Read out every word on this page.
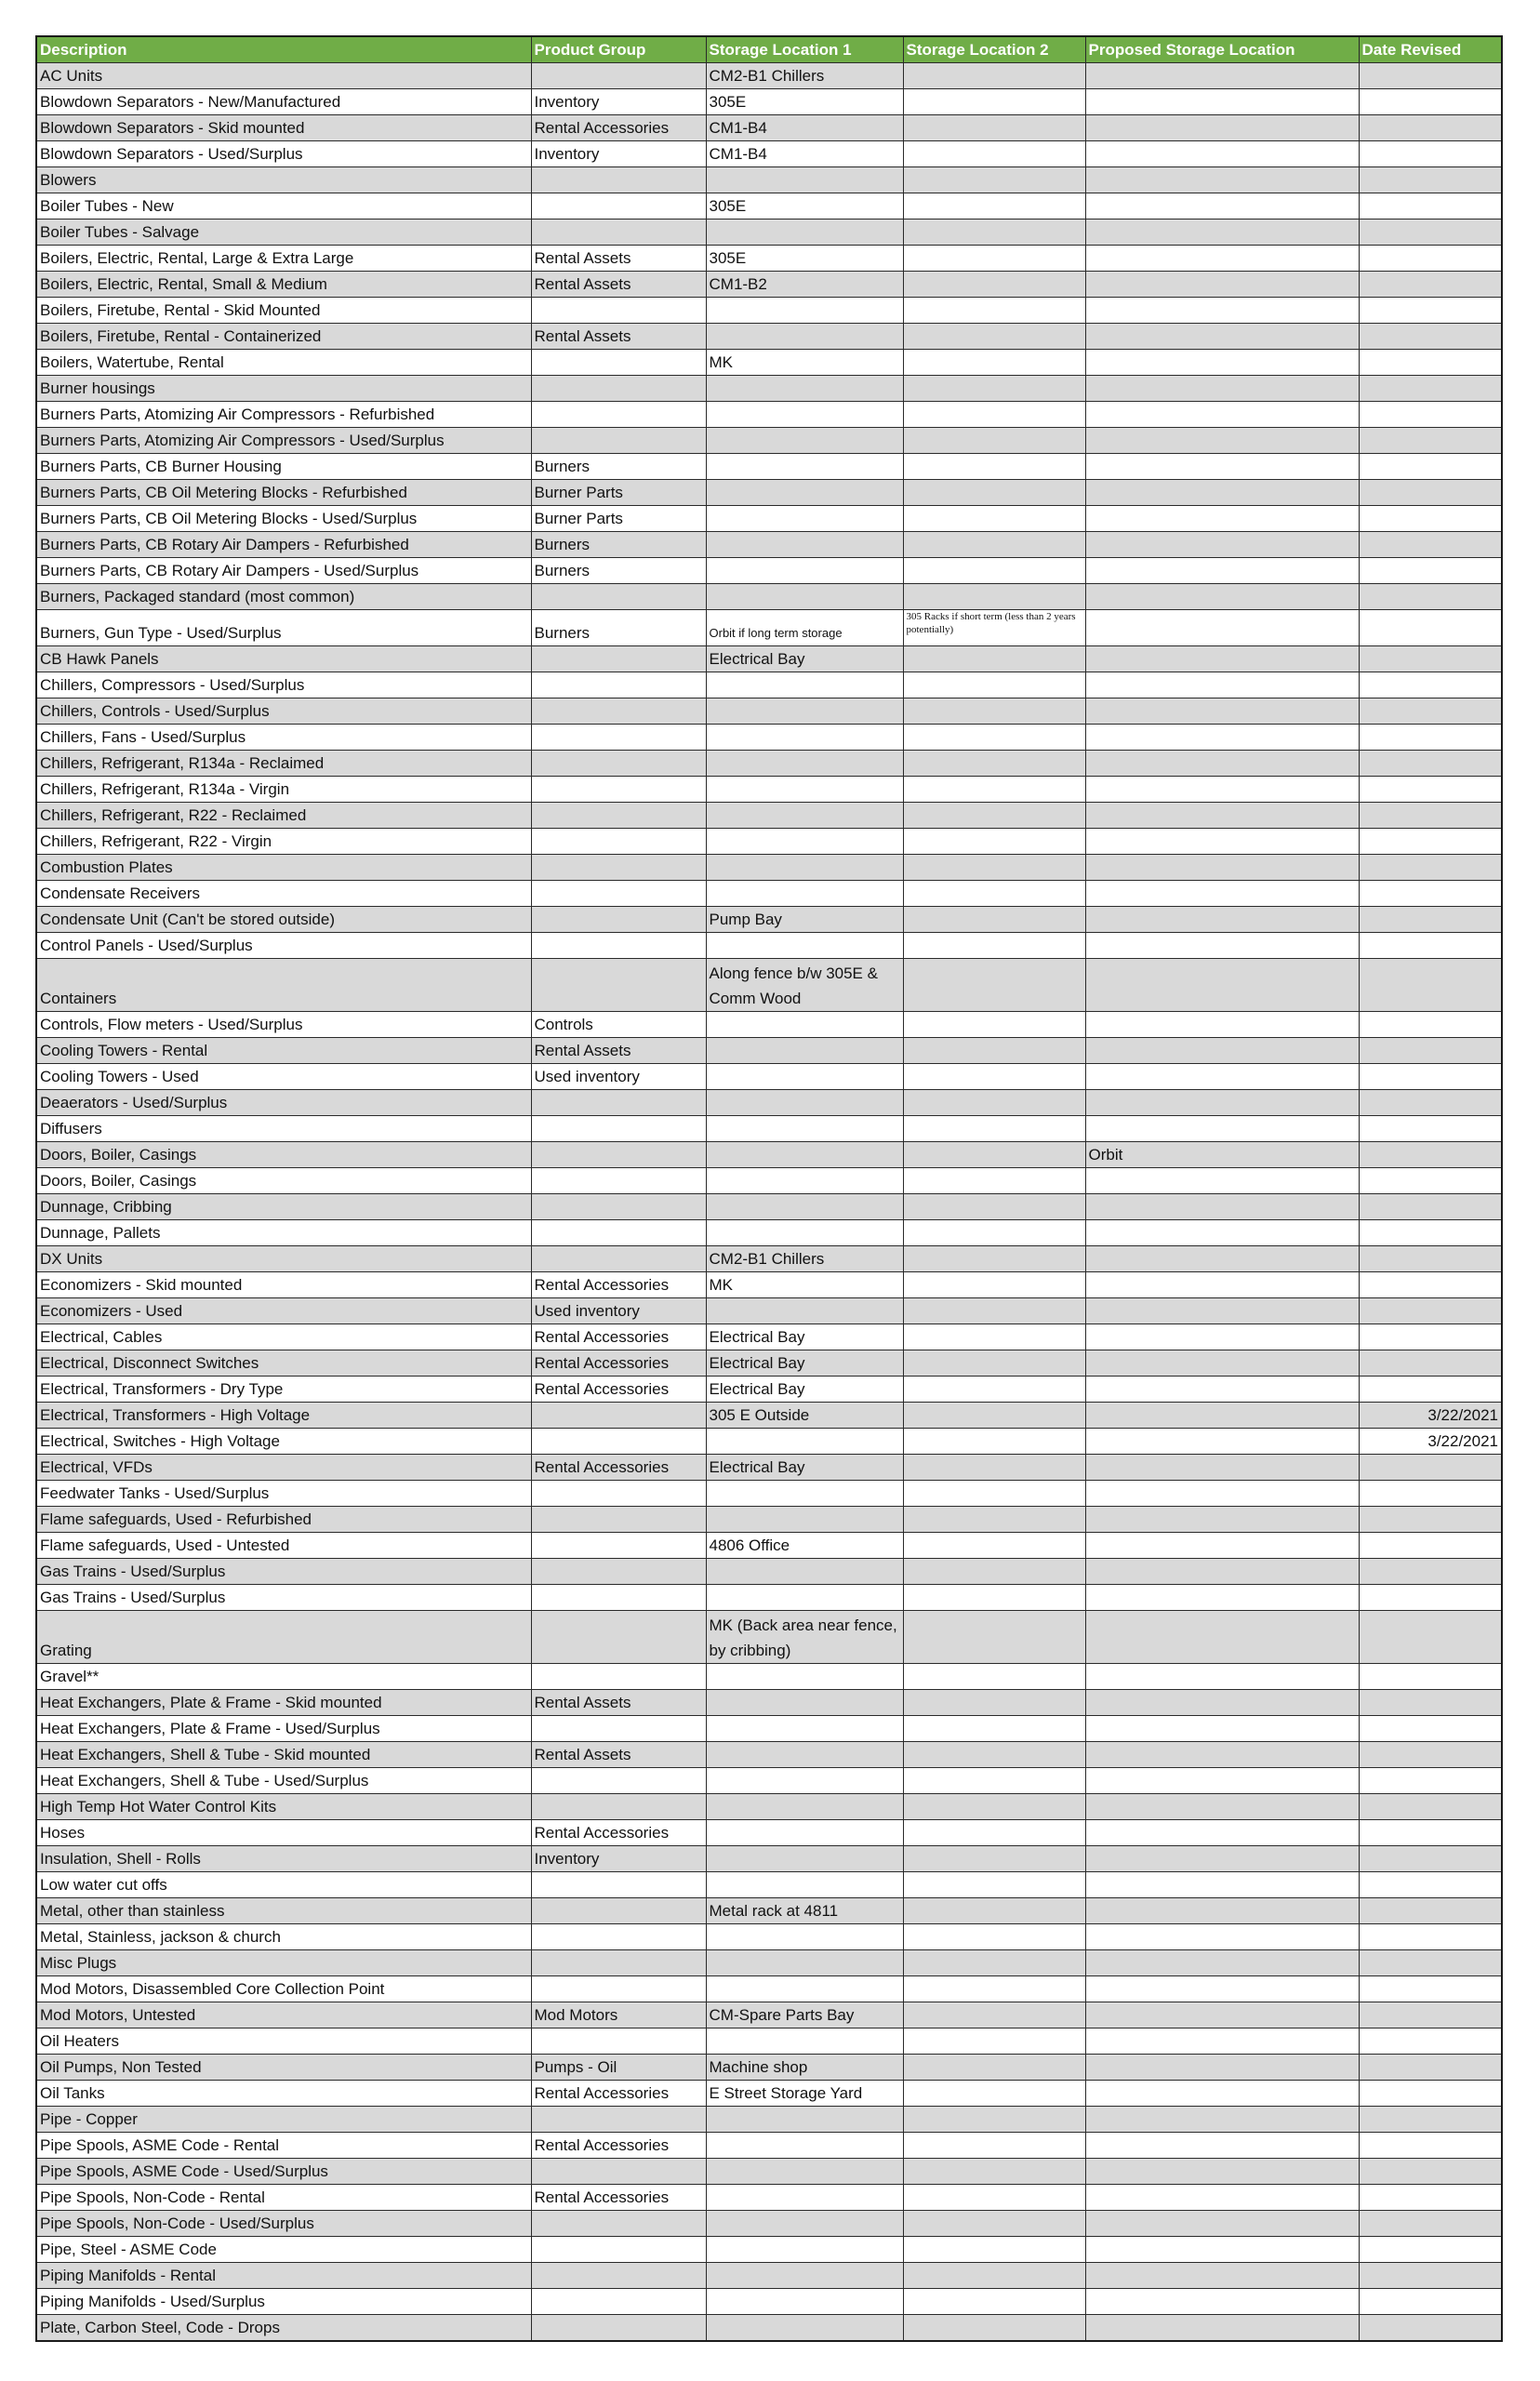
Description	Product Group	Storage Location 1	Storage Location 2	Proposed Storage Location	Date Revised
AC Units		CM2-B1 Chillers			
Blowdown Separators - New/Manufactured	Inventory	305E			
Blowdown Separators - Skid mounted	Rental Accessories	CM1-B4			
Blowdown Separators - Used/Surplus	Inventory	CM1-B4			
Blowers					
Boiler Tubes - New		305E			
Boiler Tubes - Salvage					
Boilers, Electric, Rental, Large & Extra Large	Rental Assets	305E			
Boilers, Electric, Rental, Small & Medium	Rental Assets	CM1-B2			
Boilers, Firetube, Rental - Skid Mounted					
Boilers, Firetube, Rental - Containerized	Rental Assets				
Boilers, Watertube, Rental		MK			
Burner housings					
Burners Parts, Atomizing Air Compressors - Refurbished					
Burners Parts, Atomizing Air Compressors - Used/Surplus					
Burners Parts, CB Burner Housing	Burners				
Burners Parts, CB Oil Metering Blocks - Refurbished	Burner Parts				
Burners Parts, CB Oil Metering Blocks - Used/Surplus	Burner Parts				
Burners Parts, CB Rotary Air Dampers - Refurbished	Burners				
Burners Parts, CB Rotary Air Dampers - Used/Surplus	Burners				
Burners, Packaged standard (most common)					
Burners, Gun Type - Used/Surplus	Burners	Orbit if long term storage	305 Racks if short term (less than 2 years potentially)		
CB Hawk Panels		Electrical Bay			
Chillers, Compressors - Used/Surplus					
Chillers, Controls - Used/Surplus					
Chillers, Fans - Used/Surplus					
Chillers, Refrigerant, R134a - Reclaimed					
Chillers, Refrigerant, R134a - Virgin					
Chillers, Refrigerant, R22 - Reclaimed					
Chillers, Refrigerant, R22 - Virgin					
Combustion Plates					
Condensate Receivers					
Condensate Unit (Can't be stored outside)		Pump Bay			
Control Panels - Used/Surplus					
Containers		Along fence b/w 305E & Comm Wood			
Controls, Flow meters - Used/Surplus	Controls				
Cooling Towers - Rental	Rental Assets				
Cooling Towers - Used	Used inventory				
Deaerators - Used/Surplus					
Diffusers					
Doors, Boiler, Casings				Orbit	
Doors, Boiler, Casings					
Dunnage, Cribbing					
Dunnage, Pallets					
DX Units		CM2-B1 Chillers			
Economizers - Skid mounted	Rental Accessories	MK			
Economizers - Used	Used inventory				
Electrical, Cables	Rental Accessories	Electrical Bay			
Electrical, Disconnect Switches	Rental Accessories	Electrical Bay			
Electrical, Transformers - Dry Type	Rental Accessories	Electrical Bay			
Electrical, Transformers - High Voltage		305 E Outside			3/22/2021
Electrical, Switches - High Voltage					3/22/2021
Electrical, VFDs	Rental Accessories	Electrical Bay			
Feedwater Tanks - Used/Surplus					
Flame safeguards, Used - Refurbished					
Flame safeguards, Used - Untested		4806 Office			
Gas Trains - Used/Surplus					
Gas Trains - Used/Surplus					
Grating		MK (Back area near fence, by cribbing)			
Gravel**					
Heat Exchangers, Plate & Frame - Skid mounted	Rental Assets				
Heat Exchangers, Plate & Frame - Used/Surplus					
Heat Exchangers, Shell & Tube - Skid mounted	Rental Assets				
Heat Exchangers, Shell & Tube - Used/Surplus					
High Temp Hot Water Control Kits					
Hoses	Rental Accessories				
Insulation, Shell - Rolls	Inventory				
Low water cut offs					
Metal, other than stainless		Metal rack at 4811			
Metal, Stainless, jackson & church					
Misc Plugs					
Mod Motors, Disassembled Core Collection Point					
Mod Motors, Untested	Mod Motors	CM-Spare Parts Bay			
Oil Heaters					
Oil Pumps, Non Tested	Pumps - Oil	Machine shop			
Oil Tanks	Rental Accessories	E Street Storage Yard			
Pipe - Copper					
Pipe Spools, ASME Code - Rental	Rental Accessories				
Pipe Spools, ASME Code - Used/Surplus					
Pipe Spools, Non-Code - Rental	Rental Accessories				
Pipe Spools, Non-Code - Used/Surplus					
Pipe, Steel - ASME Code					
Piping Manifolds - Rental					
Piping Manifolds - Used/Surplus					
Plate, Carbon Steel, Code - Drops					
